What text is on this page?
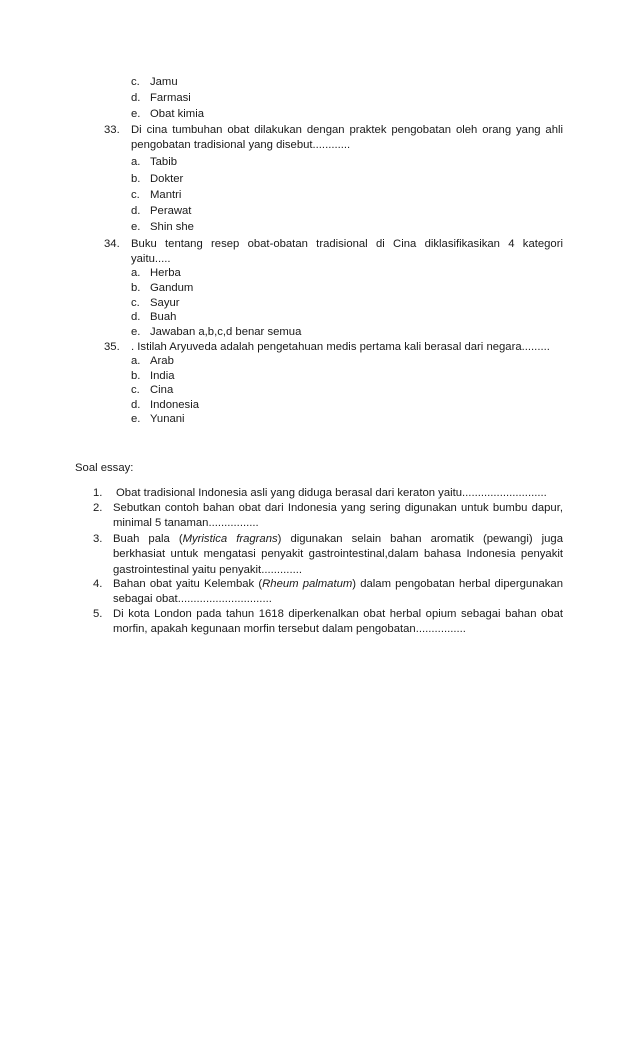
c. Jamu
d. Farmasi
e. Obat kimia
33. Di cina tumbuhan obat dilakukan dengan praktek pengobatan oleh orang yang ahli
pengobatan tradisional yang disebut............
a. Tabib
b. Dokter
c. Mantri
d. Perawat
e. Shin she
34. Buku tentang resep obat-obatan tradisional di Cina diklasifikasikan 4 kategori
yaitu.....
a. Herba
b. Gandum
c. Sayur
d. Buah
e. Jawaban a,b,c,d benar semua
35. . Istilah Aryuveda adalah pengetahuan medis pertama kali berasal dari negara.........
a. Arab
b. India
c. Cina
d. Indonesia
e. Yunani
Soal essay:
1. Obat tradisional Indonesia asli yang diduga berasal dari keraton yaitu...........................
2. Sebutkan contoh bahan obat dari Indonesia yang sering digunakan untuk bumbu dapur,
minimal 5 tanaman................
3. Buah pala (Myristica fragrans) digunakan selain bahan aromatik (pewangi) juga
berkhasiat untuk mengatasi penyakit gastrointestinal,dalam bahasa Indonesia penyakit
gastrointestinal yaitu penyakit.............
4. Bahan obat yaitu Kelembak (Rheum palmatum) dalam pengobatan herbal dipergunakan
sebagai obat..............................
5. Di kota London pada tahun 1618 diperkenalkan obat herbal opium sebagai bahan obat
morfin, apakah kegunaan morfin tersebut dalam pengobatan................
